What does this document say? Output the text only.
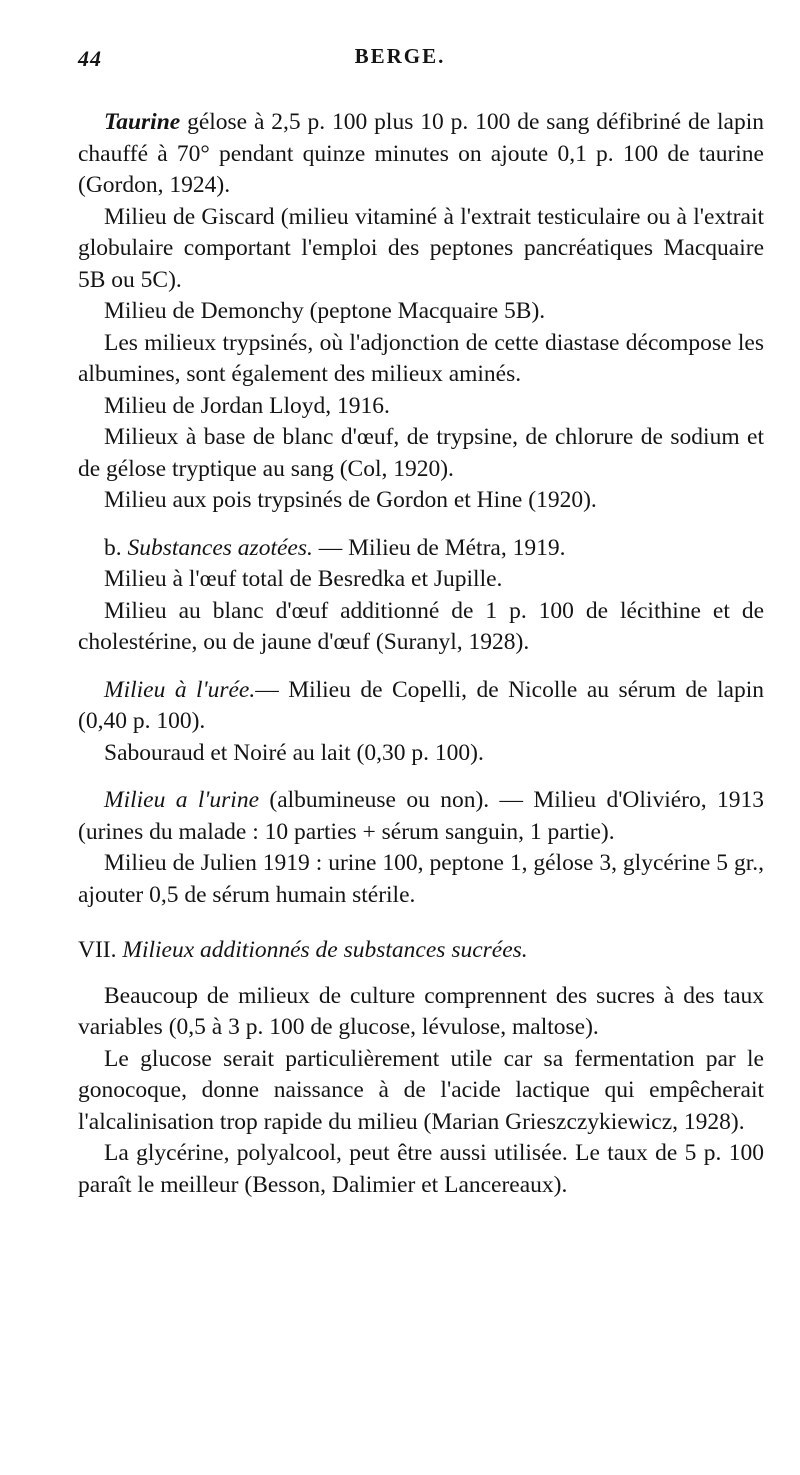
44	BERGE.

Taurine gélose à 2,5 p. 100 plus 10 p. 100 de sang défibriné de lapin chauffé à 70° pendant quinze minutes on ajoute 0,1 p. 100 de taurine (Gordon, 1924).

Milieu de Giscard (milieu vitaminé à l'extrait testiculaire ou à l'extrait globulaire comportant l'emploi des peptones pancréatiques Macquaire 5B ou 5C).

Milieu de Demonchy (peptone Macquaire 5B).

Les milieux trypsinés, où l'adjonction de cette diastase décompose les albumines, sont également des milieux aminés.

Milieu de Jordan Lloyd, 1916.

Milieux à base de blanc d'œuf, de trypsine, de chlorure de sodium et de gélose tryptique au sang (Col, 1920).

Milieu aux pois trypsinés de Gordon et Hine (1920).

b. Substances azotées. — Milieu de Métra, 1919.

Milieu à l'œuf total de Besredka et Jupille.

Milieu au blanc d'œuf additionné de 1 p. 100 de lécithine et de cholestérine, ou de jaune d'œuf (Suranyl, 1928).

Milieu à l'urée.— Milieu de Copelli, de Nicolle au sérum de lapin (0,40 p. 100).

Sabouraud et Noiré au lait (0,30 p. 100).

Milieu a l'urine (albumineuse ou non). — Milieu d'Oliviéro, 1913 (urines du malade : 10 parties + sérum sanguin, 1 partie).

Milieu de Julien 1919 : urine 100, peptone 1, gélose 3, glycérine 5 gr., ajouter 0,5 de sérum humain stérile.

VII. Milieux additionnés de substances sucrées.

Beaucoup de milieux de culture comprennent des sucres à des taux variables (0,5 à 3 p. 100 de glucose, lévulose, maltose).

Le glucose serait particulièrement utile car sa fermentation par le gonocoque, donne naissance à de l'acide lactique qui empêcherait l'alcalinisation trop rapide du milieu (Marian Grieszczykiewicz, 1928).

La glycérine, polyalcool, peut être aussi utilisée. Le taux de 5 p. 100 paraît le meilleur (Besson, Dalimier et Lancereaux).
